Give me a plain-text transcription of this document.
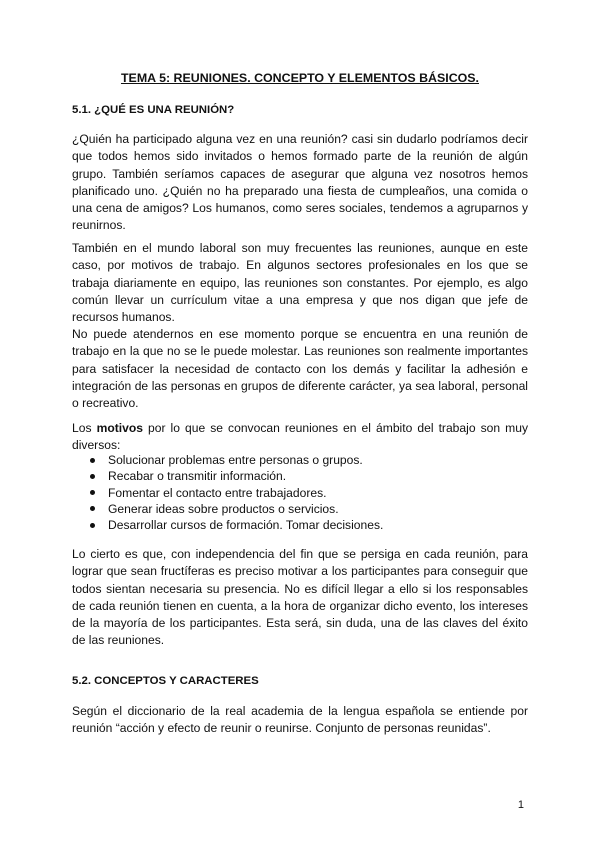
TEMA 5: REUNIONES. CONCEPTO Y ELEMENTOS BÁSICOS.
5.1. ¿QUÉ ES UNA REUNIÓN?
¿Quién ha participado alguna vez en una reunión? casi sin dudarlo podríamos decir
que todos hemos sido invitados o hemos formado parte de la reunión de algún
grupo. También seríamos capaces de asegurar que alguna vez nosotros hemos
planificado uno. ¿Quién no ha preparado una fiesta de cumpleaños, una comida o
una cena de amigos? Los humanos, como seres sociales, tendemos a agruparnos y
reunirnos.
También en el mundo laboral son muy frecuentes las reuniones, aunque en este
caso, por motivos de trabajo. En algunos sectores profesionales en los que se
trabaja diariamente en equipo, las reuniones son constantes. Por ejemplo, es algo
común llevar un currículum vitae a una empresa y que nos digan que jefe de
recursos humanos.
No puede atendernos en ese momento porque se encuentra en una reunión de
trabajo en la que no se le puede molestar. Las reuniones son realmente importantes
para satisfacer la necesidad de contacto con los demás y facilitar la adhesión e
integración de las personas en grupos de diferente carácter, ya sea laboral, personal
o recreativo.
Los motivos por lo que se convocan reuniones en el ámbito del trabajo son muy
diversos:
Solucionar problemas entre personas o grupos.
Recabar o transmitir información.
Fomentar el contacto entre trabajadores.
Generar ideas sobre productos o servicios.
Desarrollar cursos de formación. Tomar decisiones.
Lo cierto es que, con independencia del fin que se persiga en cada reunión, para
lograr que sean fructíferas es preciso motivar a los participantes para conseguir que
todos sientan necesaria su presencia. No es difícil llegar a ello si los responsables
de cada reunión tienen en cuenta, a la hora de organizar dicho evento, los intereses
de la mayoría de los participantes. Esta será, sin duda, una de las claves del éxito
de las reuniones.
5.2. CONCEPTOS Y CARACTERES
Según el diccionario de la real academia de la lengua española se entiende por
reunión “acción y efecto de reunir o reunirse. Conjunto de personas reunidas”.
1
